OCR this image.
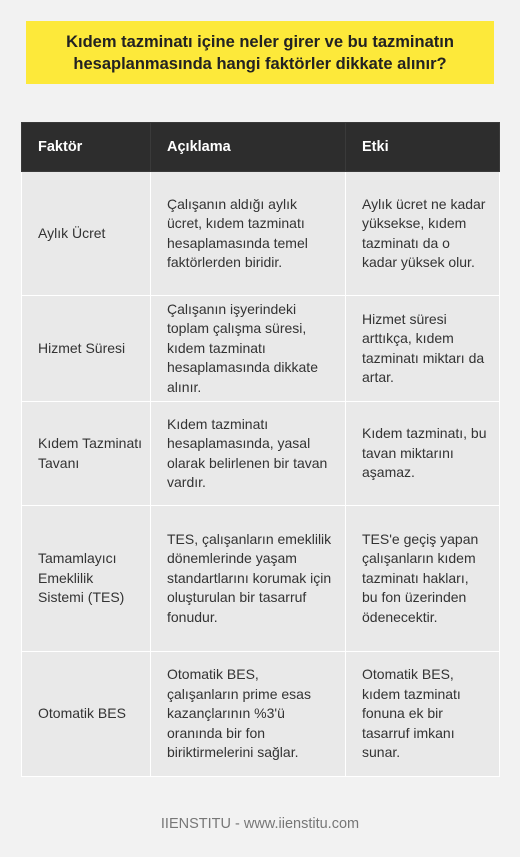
Kıdem tazminatı içine neler girer ve bu tazminatın hesaplanmasında hangi faktörler dikkate alınır?
Faktör	Açıklama	Etki
Aylık Ücret	Çalışanın aldığı aylık ücret, kıdem tazminatı hesaplamasında temel faktörlerden biridir.	Aylık ücret ne kadar yüksekse, kıdem tazminatı da o kadar yüksek olur.
Hizmet Süresi	Çalışanın işyerindeki toplam çalışma süresi, kıdem tazminatı hesaplamasında dikkate alınır.	Hizmet süresi arttıkça, kıdem tazminatı miktarı da artar.
Kıdem Tazminatı Tavanı	Kıdem tazminatı hesaplamasında, yasal olarak belirlenen bir tavan vardır.	Kıdem tazminatı, bu tavan miktarını aşamaz.
Tamamlayıcı Emeklilik Sistemi (TES)	TES, çalışanların emeklilik dönemlerinde yaşam standartlarını korumak için oluşturulan bir tasarruf fonudur.	TES'e geçiş yapan çalışanların kıdem tazminatı hakları, bu fon üzerinden ödenecektir.
Otomatik BES	Otomatik BES, çalışanların prime esas kazançlarının %3'ü oranında bir fon biriktirmelerini sağlar.	Otomatik BES, kıdem tazminatı fonuna ek bir tasarruf imkanı sunar.
IIENSTITU - www.iienstitu.com
